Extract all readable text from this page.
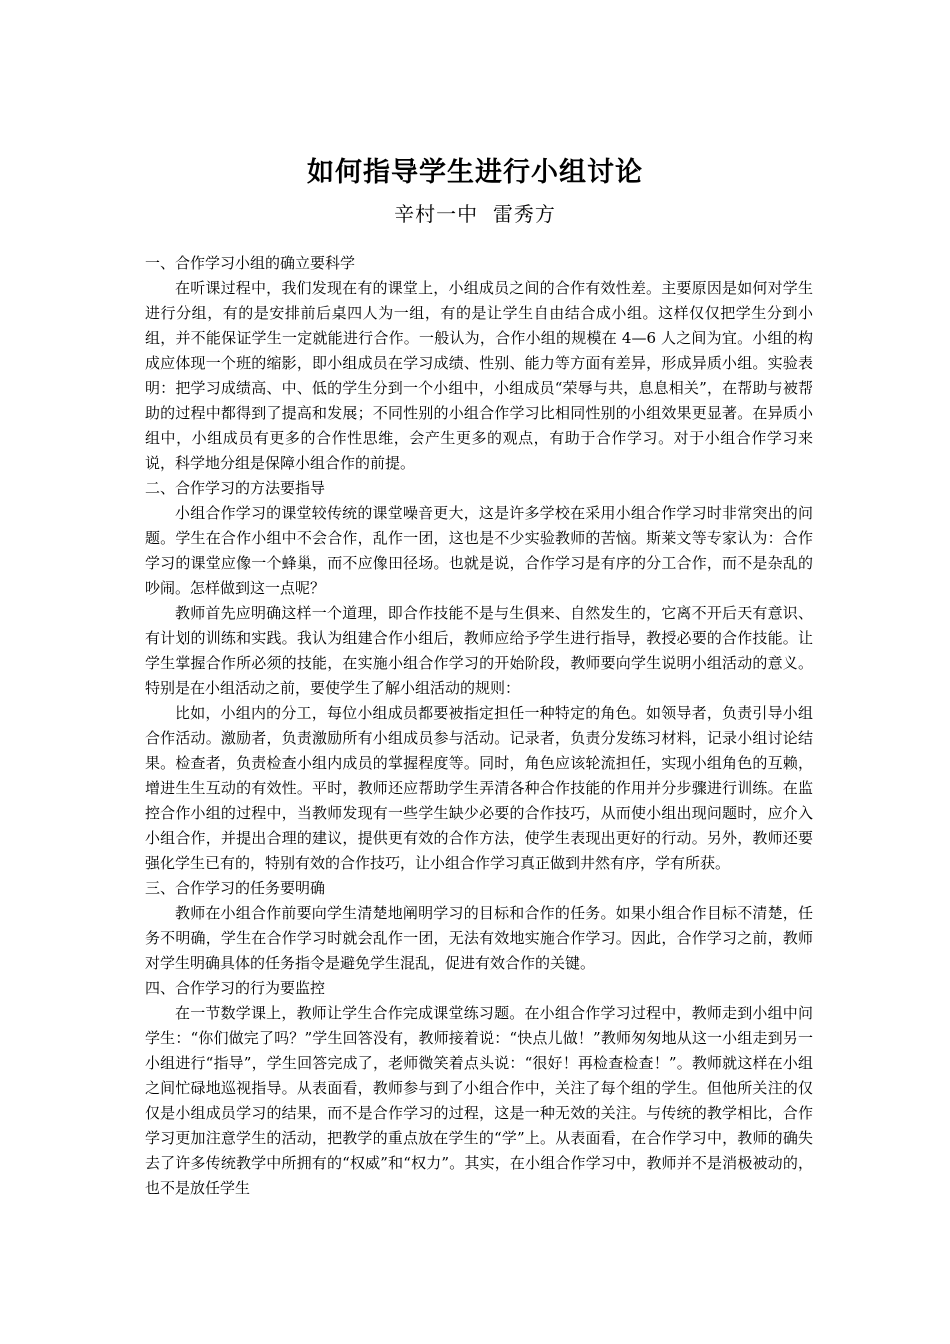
如何指导学生进行小组讨论
辛村一中  雷秀方

一、合作学习小组的确立要科学

在听课过程中，我们发现在有的课堂上，小组成员之间的合作有效性差。主要原因是如何对学生进行分组，有的是安排前后桌四人为一组，有的是让学生自由结合成小组。这样仅仅把学生分到小组，并不能保证学生一定就能进行合作。一般认为，合作小组的规模在 4—6 人之间为宜。小组的构成应体现一个班的缩影，即小组成员在学习成绩、性别、能力等方面有差异，形成异质小组。实验表明：把学习成绩高、中、低的学生分到一个小组中，小组成员“荣辱与共，息息相关”，在帮助与被帮助的过程中都得到了提高和发展；不同性别的小组合作学习比相同性别的小组效果更显著。在异质小组中，小组成员有更多的合作性思维，会产生更多的观点，有助于合作学习。对于小组合作学习来说，科学地分组是保障小组合作的前提。

二、合作学习的方法要指导

小组合作学习的课堂较传统的课堂噪音更大，这是许多学校在采用小组合作学习时非常突出的问题。学生在合作小组中不会合作，乱作一团，这也是不少实验教师的苦恼。斯莱文等专家认为：合作学习的课堂应像一个蜂巢，而不应像田径场。也就是说，合作学习是有序的分工合作，而不是杂乱的吵闹。怎样做到这一点呢？

教师首先应明确这样一个道理，即合作技能不是与生俱来、自然发生的，它离不开后天有意识、有计划的训练和实践。我认为组建合作小组后，教师应给予学生进行指导，教授必要的合作技能。让学生掌握合作所必须的技能，在实施小组合作学习的开始阶段，教师要向学生说明小组活动的意义。特别是在小组活动之前，要使学生了解小组活动的规则：

比如，小组内的分工，每位小组成员都要被指定担任一种特定的角色。如领导者，负责引导小组合作活动。激励者，负责激励所有小组成员参与活动。记录者，负责分发练习材料，记录小组讨论结果。检查者，负责检查小组内成员的掌握程度等。同时，角色应该轮流担任，实现小组角色的互赖，增进生生互动的有效性。平时，教师还应帮助学生弄清各种合作技能的作用并分步骤进行训练。在监控合作小组的过程中，当教师发现有一些学生缺少必要的合作技巧，从而使小组出现问题时，应介入小组合作，并提出合理的建议，提供更有效的合作方法，使学生表现出更好的行动。另外，教师还要强化学生已有的，特别有效的合作技巧，让小组合作学习真正做到井然有序，学有所获。

三、合作学习的任务要明确

教师在小组合作前要向学生清楚地阐明学习的目标和合作的任务。如果小组合作目标不清楚，任务不明确，学生在合作学习时就会乱作一团，无法有效地实施合作学习。因此，合作学习之前，教师对学生明确具体的任务指令是避免学生混乱，促进有效合作的关键。

四、合作学习的行为要监控

在一节数学课上，教师让学生合作完成课堂练习题。在小组合作学习过程中，教师走到小组中问学生：“你们做完了吗？”学生回答没有，教师接着说：“快点儿做！”教师匆匆地从这一小组走到另一小组进行“指导”，学生回答完成了，老师微笑着点头说：“很好！再检查检查！”。教师就这样在小组之间忙碌地巡视指导。从表面看，教师参与到了小组合作中，关注了每个组的学生。但他所关注的仅仅是小组成员学习的结果，而不是合作学习的过程，这是一种无效的关注。与传统的教学相比，合作学习更加注意学生的活动，把教学的重点放在学生的“学”上。从表面看，在合作学习中，教师的确失去了许多传统教学中所拥有的“权威”和“权力”。其实，在小组合作学习中，教师并不是消极被动的，也不是放任学生
